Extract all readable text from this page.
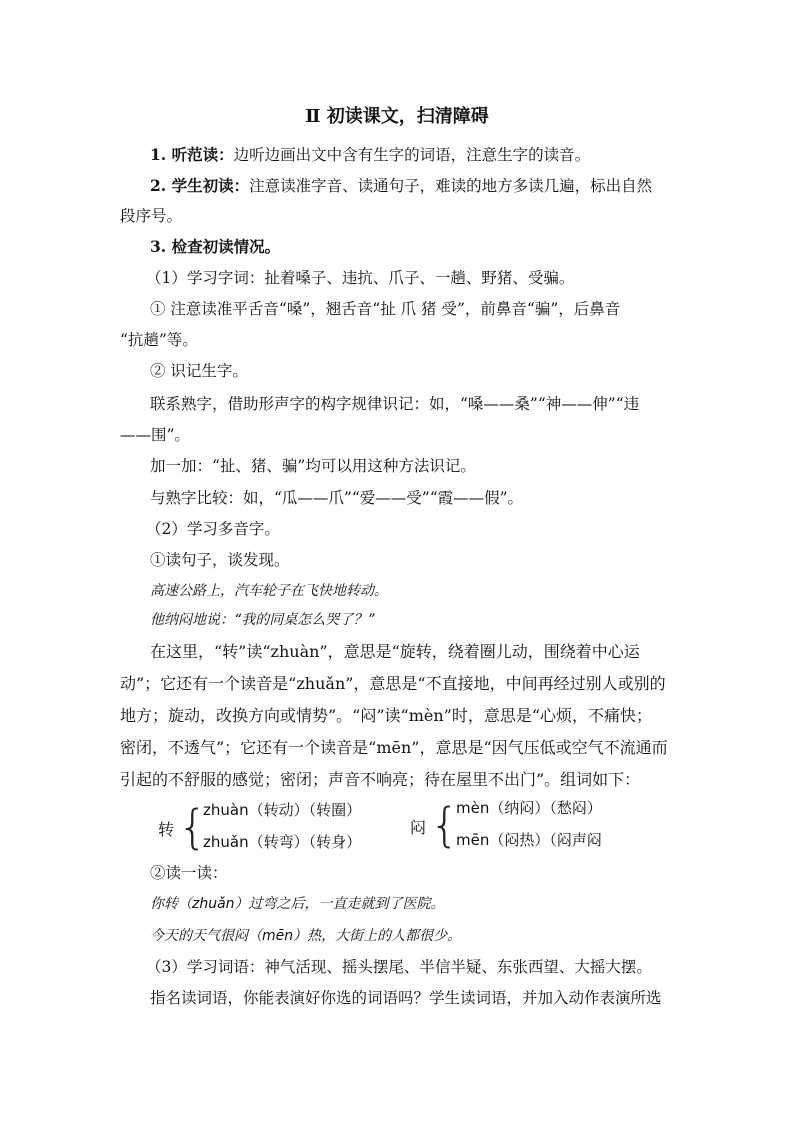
Ⅱ 初读课文，扫清障碍
1. 听范读：边听边画出文中含有生字的词语，注意生字的读音。
2. 学生初读：注意读准字音、读通句子，难读的地方多读几遍，标出自然
段序号。
3. 检查初读情况。
（1）学习字词：扯着嗓子、违抗、爪子、一趟、野猪、受骗。
① 注意读准平舌音“嗓”，翘舌音“扯 爪 猪 受”，前鼻音“骗”，后鼻音
“抗趟”等。
② 识记生字。
联系熟字，借助形声字的构字规律识记：如，“嗓——桑”“神——伸”“违
——围”。
加一加：“扯、猪、骗”均可以用这种方法识记。
与熟字比较：如，“瓜——爪”“爱——受”“霞——假”。
（2）学习多音字。
①读句子，谈发现。
高速公路上，汽车轮子在飞快地转动。
他纳闷地说：“我的同桌怎么哭了？”
在这里，“转”读“zhuàn”，意思是“旋转，绕着圈儿动，围绕着中心运
动”；它还有一个读音是“zhuǎn”，意思是“不直接地，中间再经过别人或别的
地方；旋动，改换方向或情势”。“闷”读“mèn”时，意思是“心烦，不痛快；
密闭，不透气”；它还有一个读音是“mēn”，意思是“因气压低或空气不流通而
引起的不舒服的感觉；密闭；声音不响亮；待在屋里不出门”。组词如下：
转 {
zhuàn（转动）（转圈）
zhuǎn（转弯）（转身）
闷 {
mèn（纳闷）（愁闷）
mēn（闷热）（闷声闷
②读一读：
你转（zhuǎn）过弯之后，一直走就到了医院。
今天的天气很闷（mēn）热，大街上的人都很少。
（3）学习词语：神气活现、摇头摆尾、半信半疑、东张西望、大摇大摆。
指名读词语，你能表演好你选的词语吗？学生读词语，并加入动作表演所选
